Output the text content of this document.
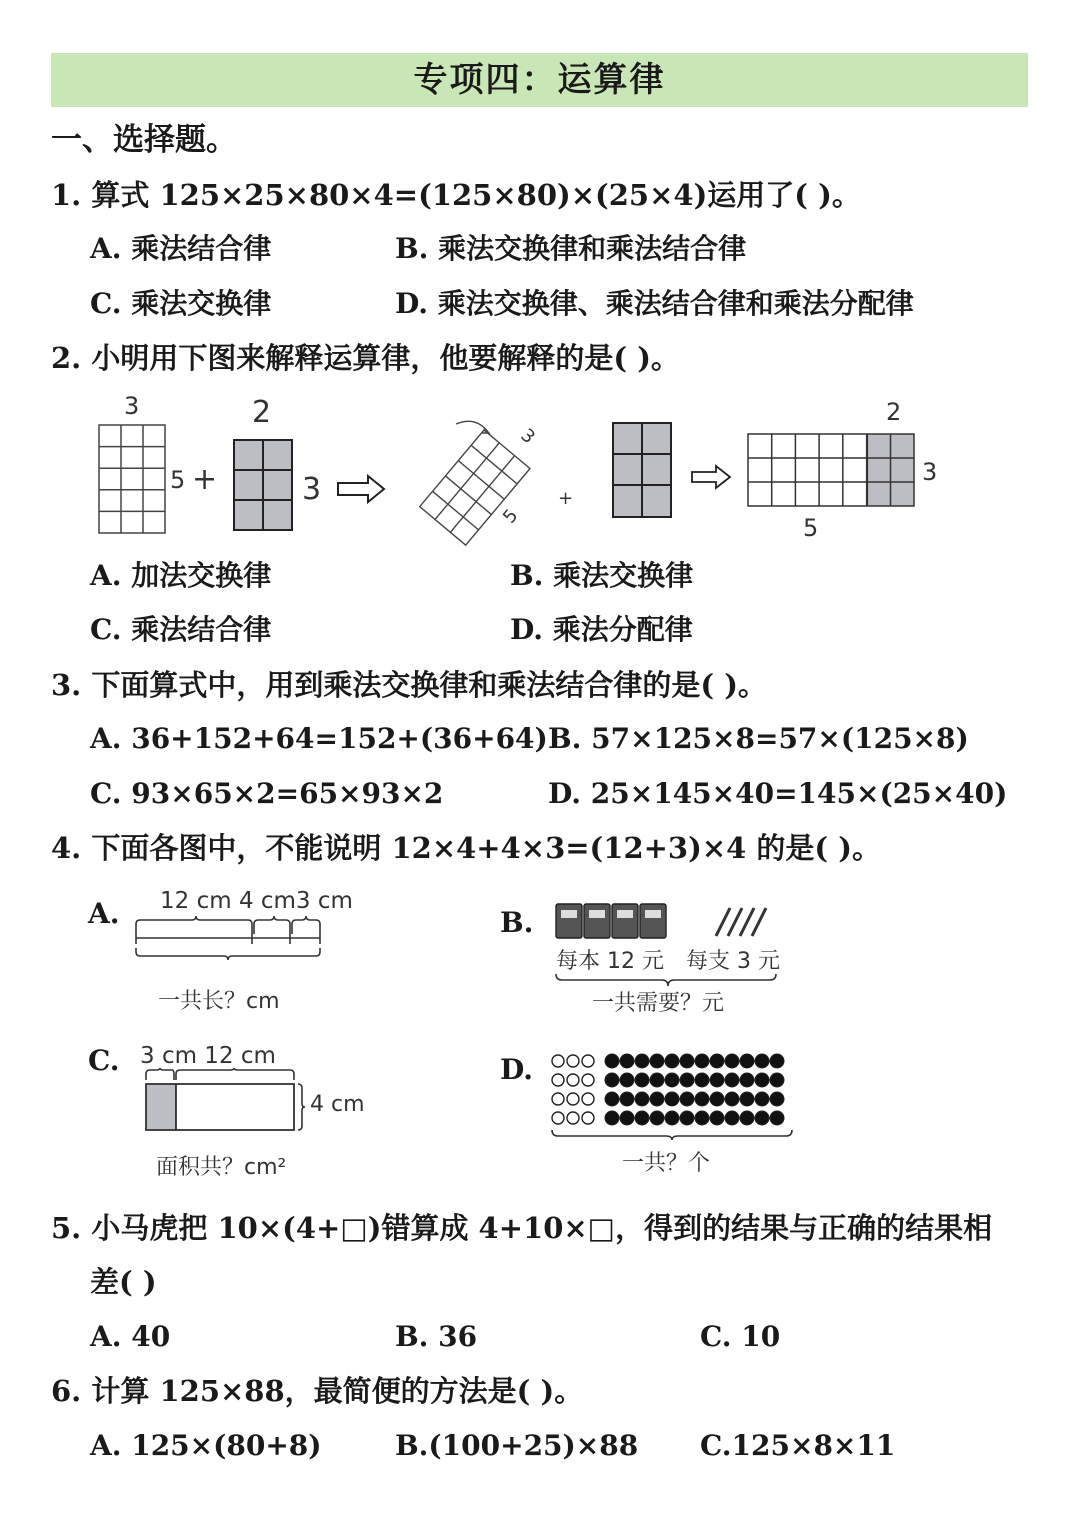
专项四：运算律
一、选择题。
1. 算式 125×25×80×4=(125×80)×(25×4)运用了( )。
A. 乘法结合律	B. 乘法交换律和乘法结合律
C. 乘法交换律	D. 乘法交换律、乘法结合律和乘法分配律
2. 小明用下图来解释运算律，他要解释的是( )。
3
5 +
2
3
3
5
+
2
3
5
A. 加法交换律	B. 乘法交换律
C. 乘法结合律	D. 乘法分配律
3. 下面算式中，用到乘法交换律和乘法结合律的是( )。
A. 36+152+64=152+(36+64) B. 57×125×8=57×(125×8)
C. 93×65×2=65×93×2	D. 25×145×40=145×(25×40)
4. 下面各图中，不能说明 12×4+4×3=(12+3)×4 的是( )。
A. 12 cm 4 cm3 cm
一共长？cm
B.
每本 12 元 每支 3 元
一共需要？元
C. 3 cm 12 cm
4 cm
面积共？cm²
D.
一共？个
5. 小马虎把 10×(4+□)错算成 4+10×□，得到的结果与正确的结果相
差( )
A. 40	B. 36	C. 10
6. 计算 125×88，最简便的方法是( )。
A. 125×(80+8)	B.(100+25)×88 C.125×8×11
